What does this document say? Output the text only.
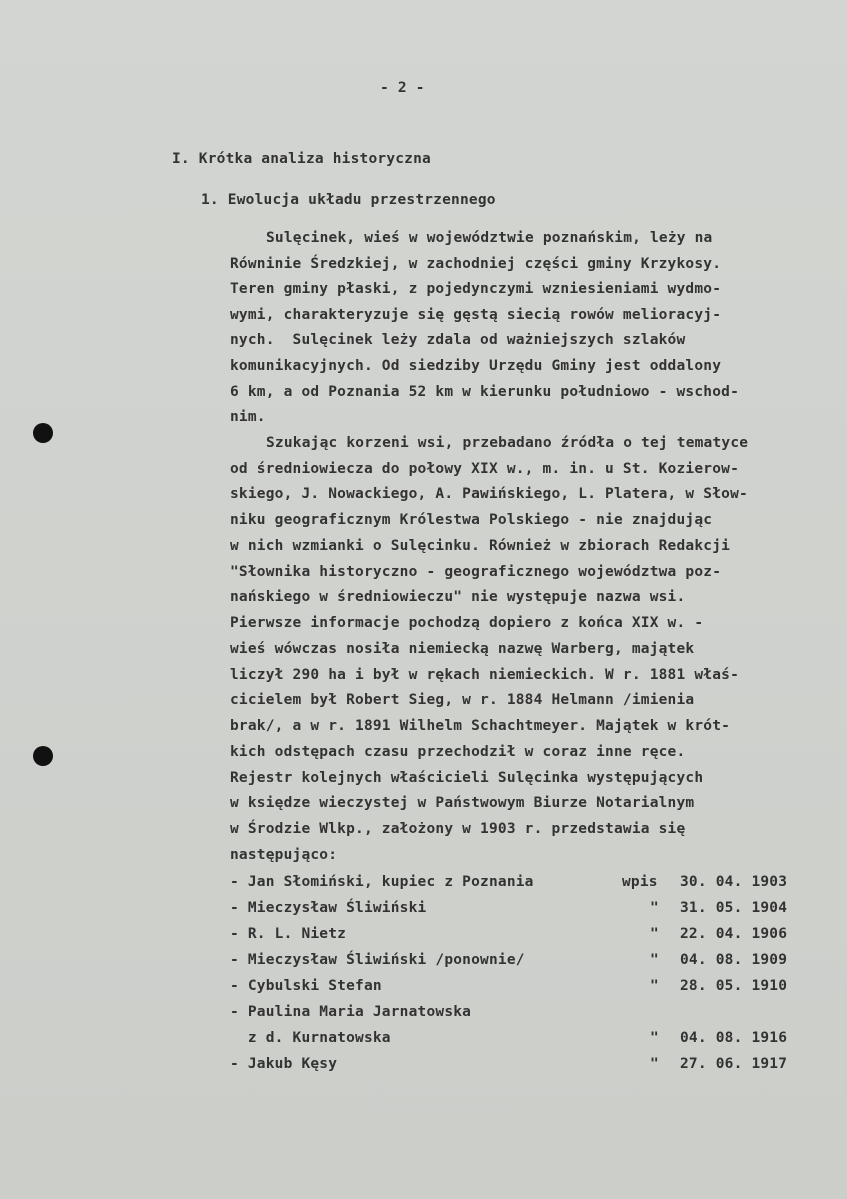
- 2 -
I. Krótka analiza historyczna
1. Ewolucja układu przestrzennego
Sulęcinek, wieś w województwie poznańskim, leży na
Równinie Średzkiej, w zachodniej części gminy Krzykosy.
Teren gminy płaski, z pojedynczymi wzniesieniami wydmo-
wymi, charakteryzuje się gęstą siecią rowów melioracyj-
nych.  Sulęcinek leży zdala od ważniejszych szlaków
komunikacyjnych. Od siedziby Urzędu Gminy jest oddalony
6 km, a od Poznania 52 km w kierunku południowo - wschod-
nim.
Szukając korzeni wsi, przebadano źródła o tej tematyce
od średniowiecza do połowy XIX w., m. in. u St. Kozierow-
skiego, J. Nowackiego, A. Pawińskiego, L. Platera, w Słow-
niku geograficznym Królestwa Polskiego - nie znajdując
w nich wzmianki o Sulęcinku. Również w zbiorach Redakcji
"Słownika historyczno - geograficznego województwa poz-
nańskiego w średniowieczu" nie występuje nazwa wsi.
Pierwsze informacje pochodzą dopiero z końca XIX w. -
wieś wówczas nosiła niemiecką nazwę Warberg, majątek
liczył 290 ha i był w rękach niemieckich. W r. 1881 właś-
cicielem był Robert Sieg, w r. 1884 Helmann /imienia
brak/, a w r. 1891 Wilhelm Schachtmeyer. Majątek w krót-
kich odstępach czasu przechodził w coraz inne ręce.
Rejestr kolejnych właścicieli Sulęcinka występujących
w księdze wieczystej w Państwowym Biurze Notarialnym
w Środzie Wlkp., założony w 1903 r. przedstawia się
następująco:
- Jan Słomiński, kupiec z Poznania	wpis 30. 04. 1903
- Mieczysław Śliwiński	" 31. 05. 1904
- R. L. Nietz	" 22. 04. 1906
- Mieczysław Śliwiński /ponownie/	" 04. 08. 1909
- Cybulski Stefan	" 28. 05. 1910
- Paulina Maria Jarnatowska
z d. Kurnatowska	" 04. 08. 1916
- Jakub Kęsy	" 27. 06. 1917
